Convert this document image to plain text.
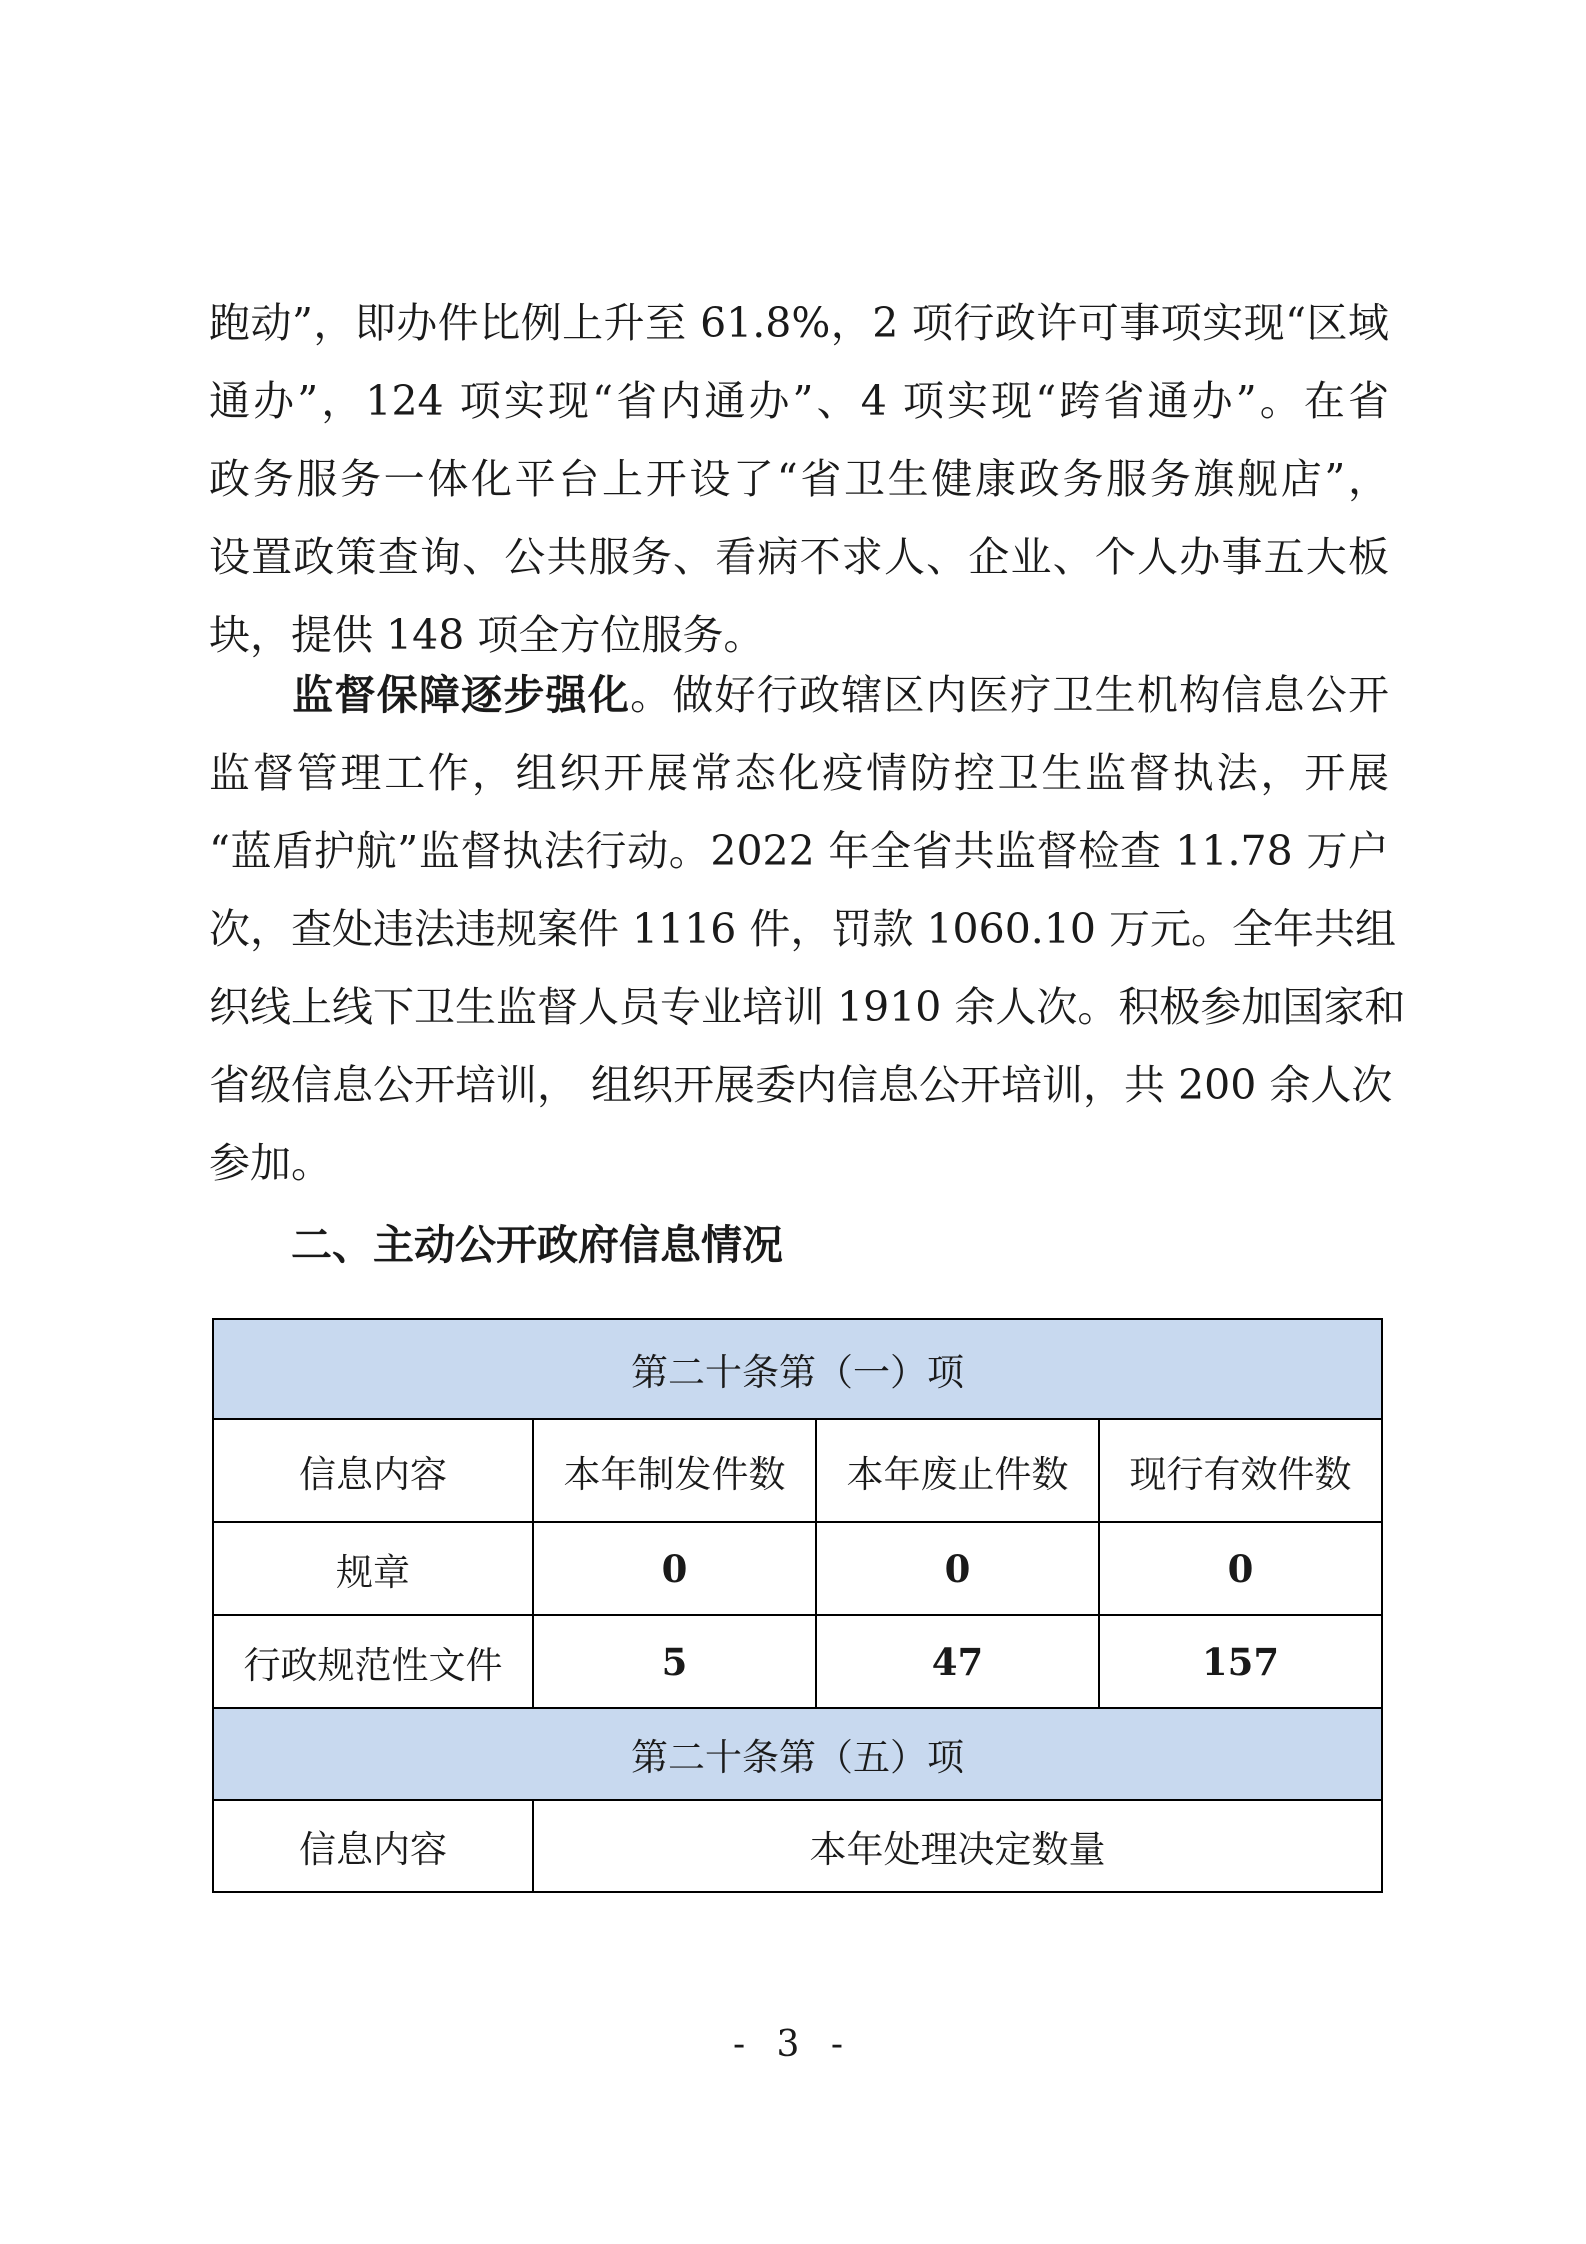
跑动”，即办件比例上升至 61.8%，2 项行政许可事项实现“区域
通办”，124 项实现“省内通办”、4 项实现“跨省通办”。在省
政务服务一体化平台上开设了“省卫生健康政务服务旗舰店”，
设置政策查询、公共服务、看病不求人、企业、个人办事五大板
块，提供 148 项全方位服务。
监督保障逐步强化。做好行政辖区内医疗卫生机构信息公开
监督管理工作，组织开展常态化疫情防控卫生监督执法，开展
“蓝盾护航”监督执法行动。2022 年全省共监督检查 11.78 万户
次，查处违法违规案件 1116 件，罚款 1060.10 万元。全年共组
织线上线下卫生监督人员专业培训 1910 余人次。积极参加国家和
省级信息公开培训， 组织开展委内信息公开培训，共 200 余人次
参加。
二、主动公开政府信息情况
第二十条第（一）项			
信息内容	本年制发件数	本年废止件数	现行有效件数
规章	0	0	0
行政规范性文件	5	47	157
第二十条第（五）项			
信息内容	本年处理决定数量		
- 3 -
